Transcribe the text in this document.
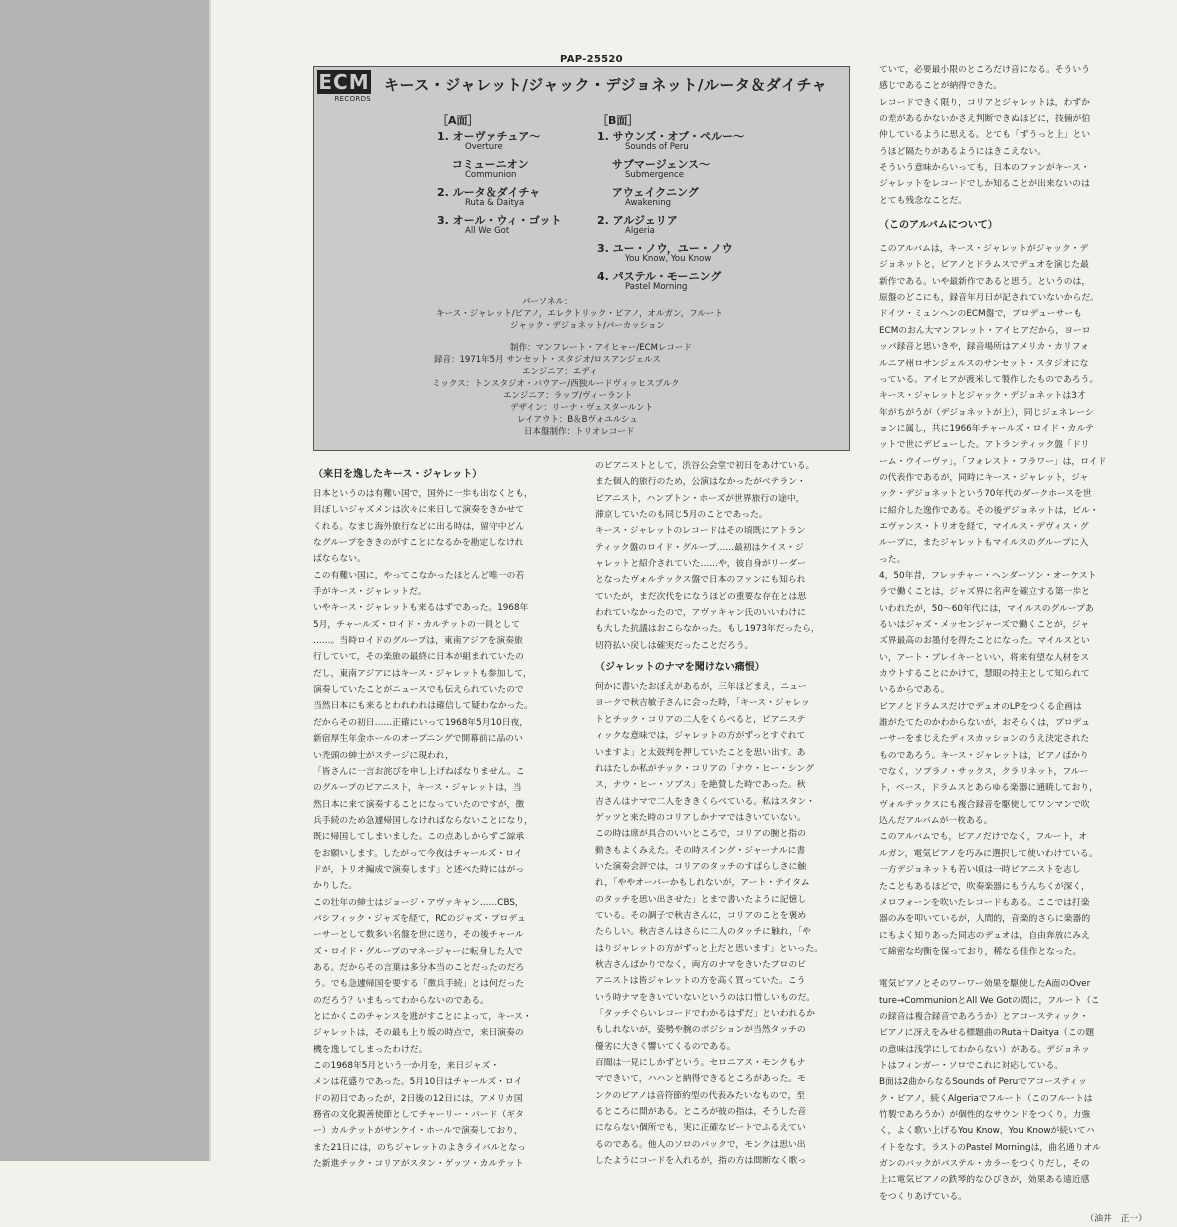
PAP-25520
ECM
RECORDS
キース・ジャレット/ジャック・デジョネット/ルータ＆ダイチャ
［A面］	［B面］
1. オーヴァチュア～
Overture
　 コミューニオン
Communion
2. ルータ＆ダイチャ
Ruta & Daitya
3. オール・ウィ・ゴット
All We Got
1. サウンズ・オブ・ペルー～
Sounds of Peru
　 サブマージェンス～
Submergence
　 アウェイクニング
Awakening
2. アルジェリア
Algeria
3. ユー・ノウ，ユー・ノウ
You Know, You Know
4. パステル・モーニング
Pastel Morning
パーソネル：
キース・ジャレット/ピアノ，エレクトリック・ピアノ，オルガン，フルート
ジャック・デジョネット/パーカッション
制作：マンフレート・アイヒャー/ECMレコード
録音：1971年5月 サンセット・スタジオ/ロスアンジェルス
エンジニア：エディ
ミックス：トンスタジオ・バウアー/西独ルードヴィッヒスブルク
エンジニア：ラップ/ヴィーラント
デザイン：リーナ・ヴェスタールント
レイアウト：B＆Bヴォユルシュ
日本盤制作：トリオレコード
（来日を逸したキース・ジャレット）

日本というのは有難い国で，国外に一歩も出なくとも，

目ぼしいジャズメンは次々に来日して演奏をきかせて

くれる。なまじ海外旅行などに出る時は，留守中どん

なグループをききのがすことになるかを勘定しなけれ

ばならない。

この有難い国に，やってこなかったほとんど唯一の若

手がキース・ジャレットだ。

いやキース・ジャレットも来るはずであった。1968年

5月，チャールズ・ロイド・カルテットの一員として

……。当時ロイドのグループは，東南アジアを演奏旅

行していて，その楽旅の最終に日本が組まれていたの

だし，東南アジアにはキース・ジャレットも参加して，

演奏していたことがニュースでも伝えられていたので

当然日本にも来るとわれわれは確信して疑わなかった。

だからその初日……正確にいって1968年5月10日夜，

新宿厚生年金ホールのオープニングで開幕前に品のい

い禿頭の紳士がステージに現われ，

「皆さんに一言お詫びを申し上げねばなりません。こ

のグループのピアニスト，キース・ジャレットは，当

然日本に来て演奏することになっていたのですが，徴

兵手続のため急遽帰国しなければならないことになり，

既に帰国してしまいました。この点あしからずご諒承

をお願いします。したがって今夜はチャールズ・ロイ

ドが，トリオ編成で演奏します」と述べた時にはがっ

かりした。

この壮年の紳士はジョージ・アヴァキャン……CBS，

パシフィック・ジャズを経て，RCのジャズ・プロデュ

ーサーとして数多い名盤を世に送り，その後チャール

ズ・ロイド・グループのマネージャーに転身した人で

ある。だからその言葉は多分本当のことだったのだろ

う。でも急遽帰国を要する「徴兵手続」とは何だった

のだろう？いまもってわからないのである。

とにかくこのチャンスを逃がすことによって，キース・

ジャレットは，その最も上り坂の時点で，来日演奏の

機を逸してしまったわけだ。

この1968年5月という一か月を，来日ジャズ・

メンは花盛りであった。5月10日はチャールズ・ロイ

ドの初日であったが，2日後の12日には，アメリカ国

務省の文化親善使節としてチャーリー・バード（ギタ

ー）カルテットがサンケイ・ホールで演奏しており，

また21日には，のちジャレットのよきライバルとなっ

た新進チック・コリアがスタン・ゲッツ・カルテット

のピアニストとして，渋谷公会堂で初日をあけている。

また個人的旅行のため，公演はなかったがベテラン・

ピアニスト，ハンプトン・ホーズが世界旅行の途中，

滞京していたのも同じ5月のことであった。

キース・ジャレットのレコードはその頃既にアトラン

ティック盤のロイド・グループ……最初はケイス・ジ

ャレットと紹介されていた……や，彼自身がリーダー

となったヴォルテックス盤で日本のファンにも知られ

ていたが，まだ次代をになうほどの重要な存在とは思

われていなかったので，アヴァキャン氏のいいわけに

も大した抗議はおこらなかった。もし1973年だったら，

切符払い戻しは確実だったことだろう。

（ジャレットのナマを聞けない痛恨）

何かに書いたおぼえがあるが，三年ほどまえ，ニュー

ヨークで秋吉敏子さんに会った時，「キース・ジャレッ

トとチック・コリアの二人をくらべると，ピアニステ

ィックな意味では，ジャレットの方がずっとすぐれて

いますよ」と太鼓判を押していたことを思い出す。あ

れはたしか私がチック・コリアの「ナウ・ヒー・シング

ス，ナウ・ヒー・ソブス」を絶賛した時であった。秋

吉さんはナマで二人をききくらべている。私はスタン・

ゲッツと来た時のコリアしかナマではきいていない。

この時は席が具合のいいところで，コリアの腕と指の

動きもよくみえた。その時スイング・ジャーナルに書

いた演奏会評では，コリアのタッチのすばらしさに触

れ，「ややオーバーかもしれないが，アート・テイタム

のタッチを思い出させた」とまで書いたように記憶し

ている。その調子で秋吉さんに，コリアのことを褒め

たらしい。秋吉さんはさらに二人のタッチに触れ，「や

はりジャレットの方がずっと上だと思います」といった。

秋吉さんばかりでなく，両方のナマをきいたプロのピ

アニストは皆ジャレットの方を高く買っていた。こう

いう時ナマをきいていないというのは口惜しいものだ。

「タッチぐらいレコードでわかるはずだ」といわれるか

もしれないが，姿勢や腕のポジションが当然タッチの

優劣に大きく響いてくるのである。

百聞は一見にしかずという。セロニアス・モンクもナ

マできいて，ハハンと納得できるところがあった。モ

ンクのピアノは音符節約型の代表みたいなもので，至

るところに間がある。ところが彼の指は，そうした音

にならない個所でも，実に正確なビートでふるえてい

るのである。他人のソロのバックで，モンクは思い出

したようにコードを入れるが，指の方は間断なく歌っ

ていて，必要最小限のところだけ音になる。そういう

感じであることが納得できた。

レコードできく限り，コリアとジャレットは，わずか

の差があるかないかさえ判断できぬほどに，技倆が伯

仲しているように思える。とても「ずうっと上」とい

うほど隔たりがあるようにはきこえない。

そういう意味からいっても，日本のファンがキース・

ジャレットをレコードでしか知ることが出来ないのは

とても残念なことだ。

（このアルバムについて）

このアルバムは，キース・ジャレットがジャック・デ

ジョネットと，ピアノとドラムスでデュオを演じた最

新作である。いや最新作であると思う。というのは，

原盤のどこにも，録音年月日が記されていないからだ。

ドイツ・ミュンヘンのECM盤で，プロデューサーも

ECMのおん大マンフレット・アイヒアだから，ヨーロ

ッパ録音と思いきや，録音場所はアメリカ・カリフォ

ルニア州ロサンジェルスのサンセット・スタジオにな

っている。アイヒアが渡米して製作したものであろう。

キース・ジャレットとジャック・デジョネットは3才

年がちがうが（デジョネットが上），同じジェネレーシ

ョンに属し，共に1966年チャールズ・ロイド・カルテ

ットで世にデビューした。アトランティック盤「ドリ

ーム・ウイーヴァ」，「フォレスト・フラワー」は，ロイド

の代表作であるが，同時にキース・ジャレット，ジャ

ック・デジョネットという70年代のダークホースを世

に紹介した逸作である。その後デジョネットは，ビル・

エヴァンス・トリオを経て，マイルス・デヴィス・グ

ループに，またジャレットもマイルスのグループに入

った。

4，50年昔，フレッチャー・ヘンダーソン・オーケスト

ラで働くことは，ジャズ界に名声を確立する第一歩と

いわれたが，50～60年代には，マイルスのグループあ

るいはジャズ・メッセンジャーズで働くことが，ジャ

ズ界最高のお墨付を得たことになった。マイルスとい

い，アート・ブレイキーといい，将来有望な人材をス

カウトすることにかけて，慧眼の持主として知られて

いるからである。

ピアノとドラムスだけでデュオのLPをつくる企画は

誰がたてたのかわからないが，おそらくは，プロデュ

ーサーをまじえたディスカッションのうえ決定された

ものであろう。キース・ジャレットは，ピアノばかり

でなく，ソプラノ・サックス，クラリネット，フルー

ト，ベース，ドラムスとあらゆる楽器に通暁しており，

ヴォルテックスにも複合録音を駆使してワンマンで吹

込んだアルバムが一枚ある。

このアルバムでも，ピアノだけでなく，フルート，オ

ルガン，電気ピアノを巧みに選択して使いわけている。

一方デジョネットも若い頃は一時ピアニストを志し

たこともあるほどで，吹奏楽器にもうんちくが深く，

メロフォーンを吹いたレコードもある。ここでは打楽

器のみを叩いているが，人間的，音楽的さらに楽器的

にもよく知りあった同志のデュオは，自由奔放にみえ

て綿密な均衡を保っており，稀なる佳作となった。

電気ピアノとそのワーワー効果を駆使したA面のOver

ture→CommunionとAll We Gotの間に，フルート（こ

の録音は複合録音であろうか）とアコースティック・

ピアノに冴えをみせる標題曲のRuta＋Daitya（この題

の意味は浅学にしてわからない）がある。デジョネッ

トはフィンガー・ソロでこれに対応している。

B面は2曲からなるSounds of Peruでアコースティッ

ク・ピアノ，続くAlgeriaでフルート（このフルートは

竹製であろうか）が個性的なサウンドをつくり，力強

く，よく歌い上げるYou Know，You Knowが続いてハ

イトをなす。ラストのPastel Morningは，曲名通りオル

ガンのバックがパステル・カラーをつくりだし，その

上に電気ピアノの鉄琴的なひびきが，効果ある遠近感

をつくりあげている。

（油井　正一）
